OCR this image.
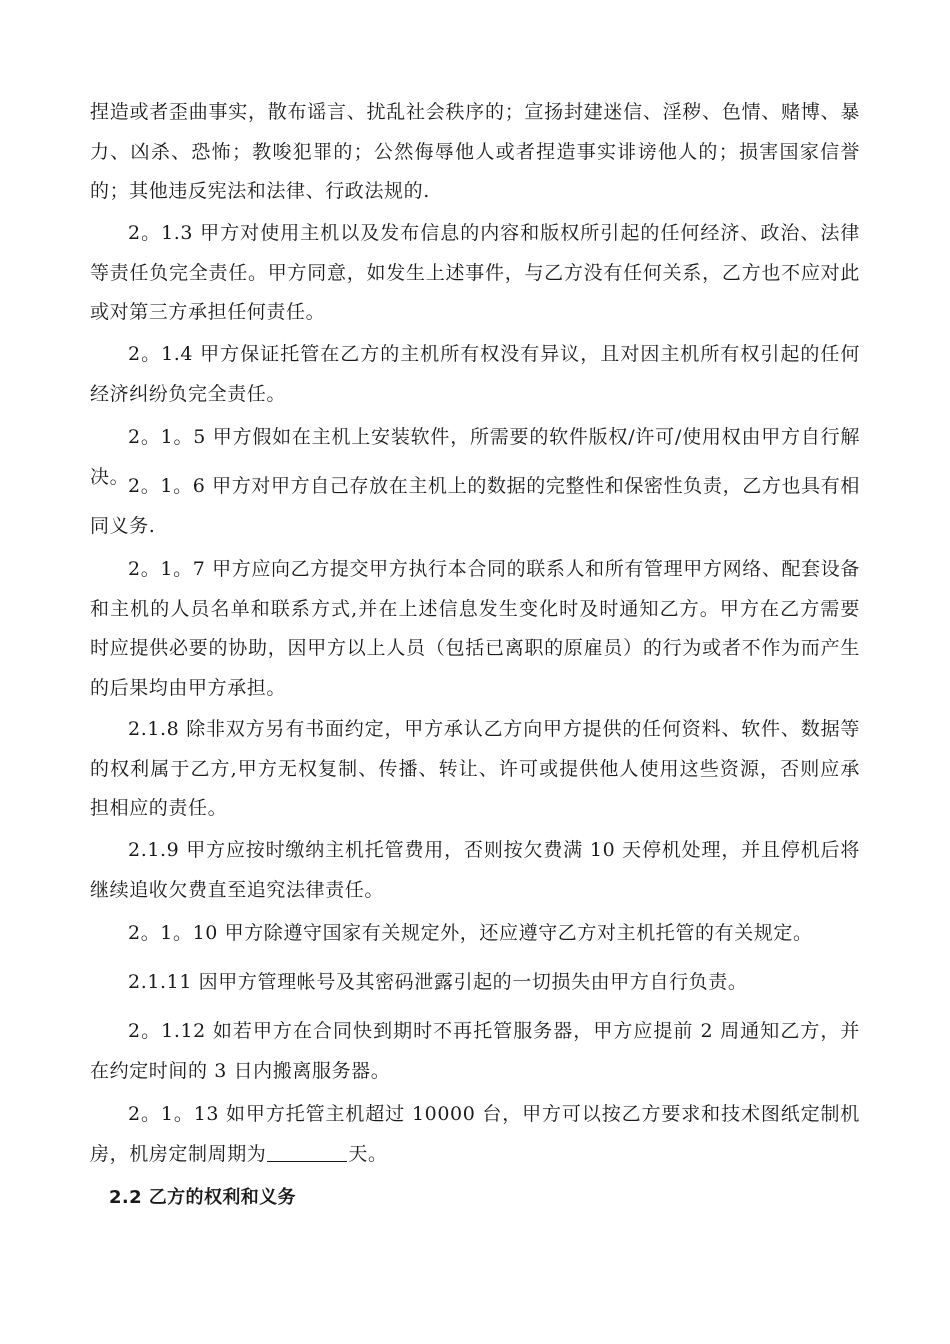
捏造或者歪曲事实，散布谣言、扰乱社会秩序的；宣扬封建迷信、淫秽、色情、赌博、暴力、凶杀、恐怖；教唆犯罪的；公然侮辱他人或者捏造事实诽谤他人的；损害国家信誉的；其他违反宪法和法律、行政法规的.

2。1.3 甲方对使用主机以及发布信息的内容和版权所引起的任何经济、政治、法律等责任负完全责任。甲方同意，如发生上述事件，与乙方没有任何关系，乙方也不应对此或对第三方承担任何责任。

2。1.4 甲方保证托管在乙方的主机所有权没有异议，且对因主机所有权引起的任何经济纠纷负完全责任。

2。1。5 甲方假如在主机上安装软件，所需要的软件版权/许可/使用权由甲方自行解决。

2。1。6 甲方对甲方自己存放在主机上的数据的完整性和保密性负责，乙方也具有相同义务.

2。1。7 甲方应向乙方提交甲方执行本合同的联系人和所有管理甲方网络、配套设备和主机的人员名单和联系方式,并在上述信息发生变化时及时通知乙方。甲方在乙方需要时应提供必要的协助，因甲方以上人员（包括已离职的原雇员）的行为或者不作为而产生的后果均由甲方承担。

2.1.8 除非双方另有书面约定，甲方承认乙方向甲方提供的任何资料、软件、数据等的权利属于乙方,甲方无权复制、传播、转让、许可或提供他人使用这些资源，否则应承担相应的责任。

2.1.9 甲方应按时缴纳主机托管费用，否则按欠费满 10 天停机处理，并且停机后将继续追收欠费直至追究法律责任。

2。1。10 甲方除遵守国家有关规定外，还应遵守乙方对主机托管的有关规定。

2.1.11 因甲方管理帐号及其密码泄露引起的一切损失由甲方自行负责。

2。1.12 如若甲方在合同快到期时不再托管服务器，甲方应提前 2 周通知乙方，并在约定时间的 3 日内搬离服务器。

2。1。13 如甲方托管主机超过 10000 台，甲方可以按乙方要求和技术图纸定制机房，机房定制周期为	天。

2.2 乙方的权利和义务
